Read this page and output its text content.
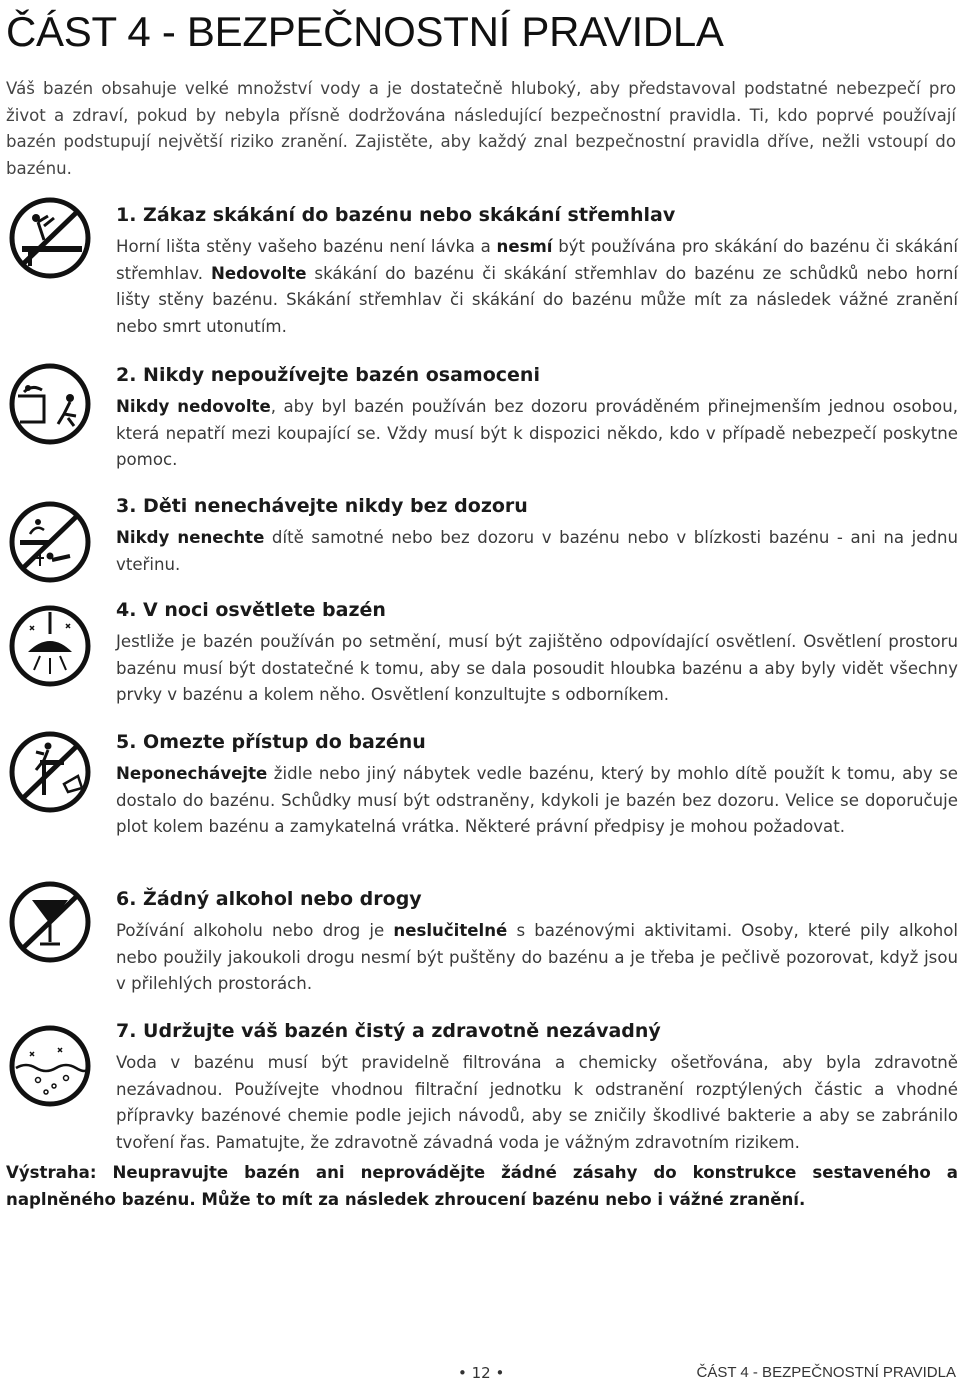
ČÁST 4 - BEZPEČNOSTNÍ PRAVIDLA

Váš bazén obsahuje velké množství vody a je dostatečně hluboký, aby představoval podstatné nebezpečí pro život a zdraví, pokud by nebyla přísně dodržována následující bezpečnostní pravidla. Ti, kdo poprvé používají bazén podstupují největší riziko zranění. Zajistěte, aby každý znal bezpečnostní pravidla dříve, nežli vstoupí do bazénu.

1. Zákaz skákání do bazénu nebo skákání střemhlav

Horní lišta stěny vašeho bazénu není lávka a nesmí být používána pro skákání do bazénu či skákání střemhlav. Nedovolte skákání do bazénu či skákání střemhlav do bazénu ze schůdků nebo horní lišty stěny bazénu. Skákání střemhlav či skákání do bazénu může mít za následek vážné zranění nebo smrt utonutím.

2. Nikdy nepoužívejte bazén osamoceni

Nikdy nedovolte, aby byl bazén používán bez dozoru prováděném přinejmenším jednou osobou, která nepatří mezi koupající se. Vždy musí být k dispozici někdo, kdo v případě nebezpečí poskytne pomoc.

3. Děti nenechávejte nikdy bez dozoru

Nikdy nenechte dítě samotné nebo bez dozoru v bazénu nebo v blízkosti bazénu - ani na jednu vteřinu.

4. V noci osvětlete bazén

Jestliže je bazén používán po setmění, musí být zajištěno odpovídající osvětlení. Osvětlení prostoru bazénu musí být dostatečné k tomu, aby se dala posoudit hloubka bazénu a aby byly vidět všechny prvky v bazénu a kolem něho. Osvětlení konzultujte s odborníkem.

5. Omezte přístup do bazénu

Neponechávejte židle nebo jiný nábytek vedle bazénu, který by mohlo dítě použít k tomu, aby se dostalo do bazénu. Schůdky musí být odstraněny, kdykoli je bazén bez dozoru. Velice se doporučuje plot kolem bazénu a zamykatelná vrátka. Některé právní předpisy je mohou požadovat.

6. Žádný alkohol nebo drogy

Požívání alkoholu nebo drog je neslučitelné s bazénovými aktivitami. Osoby, které pily alkohol nebo použily jakoukoli drogu nesmí být puštěny do bazénu a je třeba je pečlivě pozorovat, když jsou v přilehlých prostorách.

7. Udržujte váš bazén čistý a zdravotně nezávadný

Voda v bazénu musí být pravidelně filtrována a chemicky ošetřována, aby byla zdravotně nezávadnou. Používejte vhodnou filtrační jednotku k odstranění rozptýlených částic a vhodné přípravky bazénové chemie podle jejich návodů, aby se zničily škodlivé bakterie a aby se zabránilo tvoření řas. Pamatujte, že zdravotně závadná voda je vážným zdravotním rizikem.

Výstraha: Neupravujte bazén ani neprovádějte žádné zásahy do konstrukce sestaveného a naplněného bazénu. Může to mít za následek zhroucení bazénu nebo i vážné zranění.

• 12 •	ČÁST 4 - BEZPEČNOSTNÍ PRAVIDLA
